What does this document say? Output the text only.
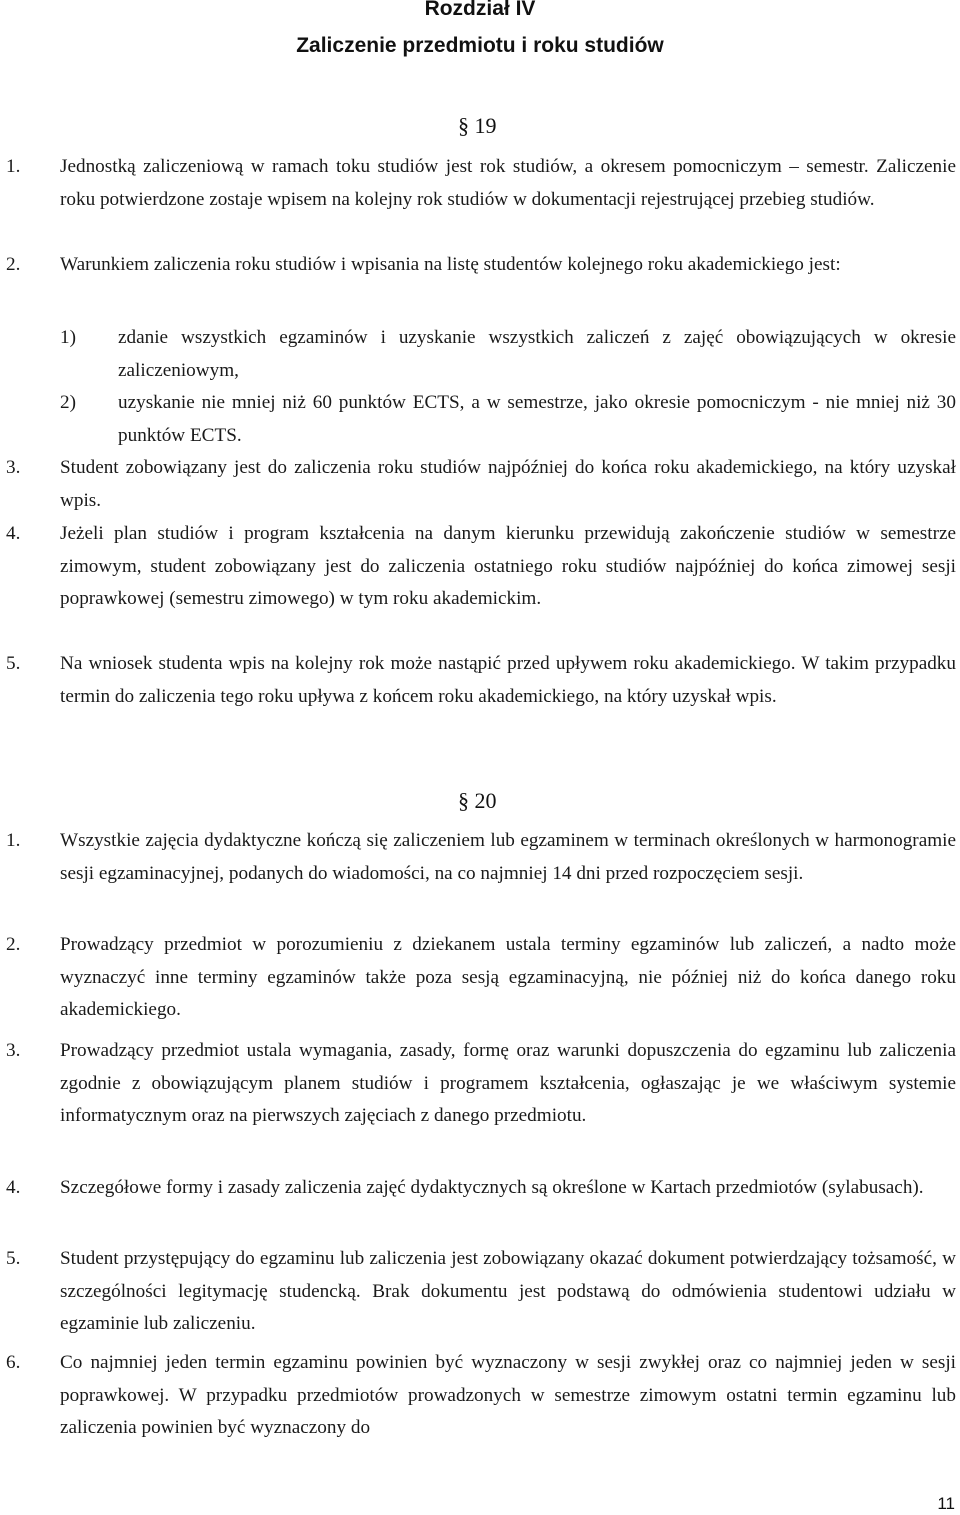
Rozdział IV
Zaliczenie przedmiotu i roku studiów
§ 19
1. Jednostką zaliczeniową w ramach toku studiów jest rok studiów, a okresem pomocniczym – semestr. Zaliczenie roku potwierdzone zostaje wpisem na kolejny rok studiów w dokumentacji rejestrującej przebieg studiów.
2. Warunkiem zaliczenia roku studiów i wpisania na listę studentów kolejnego roku akademickiego jest:
1) zdanie wszystkich egzaminów i uzyskanie wszystkich zaliczeń z zajęć obowiązujących w okresie zaliczeniowym,
2) uzyskanie nie mniej niż 60 punktów ECTS, a w semestrze, jako okresie pomocniczym - nie mniej niż 30 punktów ECTS.
3. Student zobowiązany jest do zaliczenia roku studiów najpóźniej do końca roku akademickiego, na który uzyskał wpis.
4. Jeżeli plan studiów i program kształcenia na danym kierunku przewidują zakończenie studiów w semestrze zimowym, student zobowiązany jest do zaliczenia ostatniego roku studiów najpóźniej do końca zimowej sesji poprawkowej (semestru zimowego) w tym roku akademickim.
5. Na wniosek studenta wpis na kolejny rok może nastąpić przed upływem roku akademickiego. W takim przypadku termin do zaliczenia tego roku upływa z końcem roku akademickiego, na który uzyskał wpis.
§ 20
1. Wszystkie zajęcia dydaktyczne kończą się zaliczeniem lub egzaminem w terminach określonych w harmonogramie sesji egzaminacyjnej, podanych do wiadomości, na co najmniej 14 dni przed rozpoczęciem sesji.
2. Prowadzący przedmiot w porozumieniu z dziekanem ustala terminy egzaminów lub zaliczeń, a nadto może wyznaczyć inne terminy egzaminów także poza sesją egzaminacyjną, nie później niż do końca danego roku akademickiego.
3. Prowadzący przedmiot ustala wymagania, zasady, formę oraz warunki dopuszczenia do egzaminu lub zaliczenia zgodnie z obowiązującym planem studiów i programem kształcenia, ogłaszając je we właściwym systemie informatycznym oraz na pierwszych zajęciach z danego przedmiotu.
4. Szczegółowe formy i zasady zaliczenia zajęć dydaktycznych są określone w Kartach przedmiotów (sylabusach).
5. Student przystępujący do egzaminu lub zaliczenia jest zobowiązany okazać dokument potwierdzający tożsamość, w szczególności legitymację studencką. Brak dokumentu jest podstawą do odmówienia studentowi udziału w egzaminie lub zaliczeniu.
6. Co najmniej jeden termin egzaminu powinien być wyznaczony w sesji zwykłej oraz co najmniej jeden w sesji poprawkowej. W przypadku przedmiotów prowadzonych w semestrze zimowym ostatni termin egzaminu lub zaliczenia powinien być wyznaczony do
11
